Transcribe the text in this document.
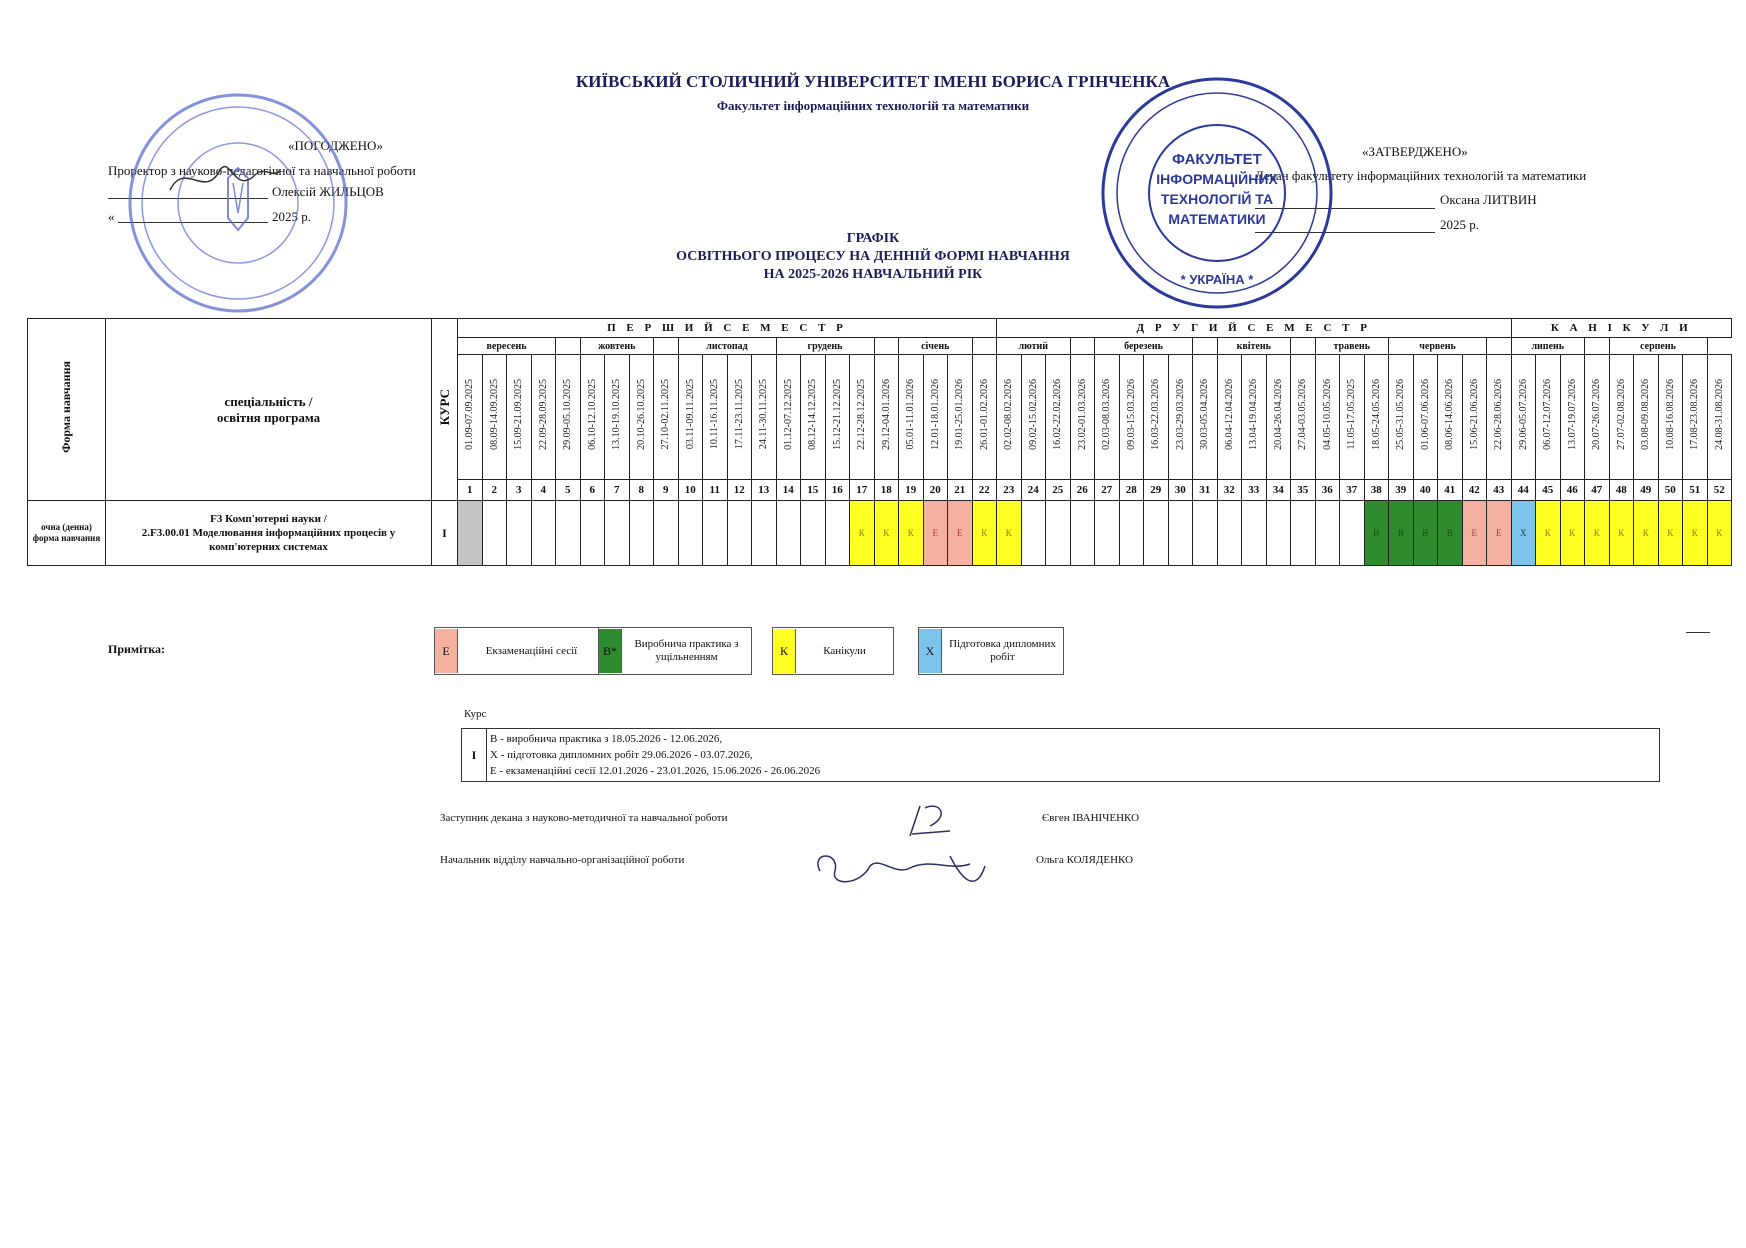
КИЇВСЬКИЙ СТОЛИЧНИЙ УНІВЕРСИТЕТ ІМЕНІ БОРИСА ГРІНЧЕНКА
Факультет інформаційних технологій та математики
«ПОГОДЖЕНО»
Проректор з науково-педагогічної та навчальної роботи
Олексій ЖИЛЬЦОВ
«	2025 р.
«ЗАТВЕРДЖЕНО»
Декан факультету інформаційних технологій та математики
Оксана ЛИТВИН
2025 р.
ФАКУЛЬТЕТ
ІНФОРМАЦІЙНИХ
ТЕХНОЛОГІЙ ТА
МАТЕМАТИКИ
* УКРАЇНА *
ГРАФІК
ОСВІТНЬОГО ПРОЦЕСУ НА ДЕННІЙ ФОРМІ НАВЧАННЯ
НА 2025-2026 НАВЧАЛЬНИЙ РІК
Форма навчання	спеціальність /
освітня програма	КУРС	П Е Р Ш И Й С Е М Е С Т Р																						Д Р У Г И Й С Е М Е С Т Р																					К А Н І К У Л И								
			вересень					жовтень				листопад				грудень					січень				лютий				березень					квітень				травень			червень					липень				серпень				
			01.09-07.09.2025	08.09-14.09.2025	15.09-21.09.2025	22.09-28.09.2025	29.09-05.10.2025	06.10-12.10.2025	13.10-19.10.2025	20.10-26.10.2025	27.10-02.11.2025	03.11-09.11.2025	10.11-16.11.2025	17.11-23.11.2025	24.11-30.11.2025	01.12-07.12.2025	08.12-14.12.2025	15.12-21.12.2025	22.12-28.12.2025	29.12-04.01.2026	05.01-11.01.2026	12.01-18.01.2026	19.01-25.01.2026	26.01-01.02.2026	02.02-08.02.2026	09.02-15.02.2026	16.02-22.02.2026	23.02-01.03.2026	02.03-08.03.2026	09.03-15.03.2026	16.03-22.03.2026	23.03-29.03.2026	30.03-05.04.2026	06.04-12.04.2026	13.04-19.04.2026	20.04-26.04.2026	27.04-03.05.2026	04.05-10.05.2026	11.05-17.05.2025	18.05-24.05.2026	25.05-31.05.2026	01.06-07.06.2026	08.06-14.06.2026	15.06-21.06.2026	22.06-28.06.2026	29.06-05.07.2026	06.07-12.07.2026	13.07-19.07.2026	20.07-26.07.2026	27.07-02.08.2026	03.08-09.08.2026	10.08-16.08.2026	17.08-23.08.2026	24.08-31.08.2026
			1	2	3	4	5	6	7	8	9	10	11	12	13	14	15	16	17	18	19	20	21	22	23	24	25	26	27	28	29	30	31	32	33	34	35	36	37	38	39	40	41	42	43	44	45	46	47	48	49	50	51	52

очна (денна) форма навчання	F3 Комп'ютерні науки /
2.F3.00.01 Моделювання інформаційних процесів у комп'ютерних системах	I																	К	К	К	Е	Е	К	К															В	В	В	В	Е	Е	Х	К	К	К	К	К	К	К	К
Примітка:	Е	Екзаменаційні сесії	В*	Виробнича практика з ущільненням	К	Канікули	Х	Підготовка дипломних робіт
Курс
I
В - виробнича практика з 18.05.2026 - 12.06.2026,
Х - підготовка дипломних робіт 29.06.2026 - 03.07.2026,
Е - екзаменаційні сесії 12.01.2026 - 23.01.2026, 15.06.2026 - 26.06.2026
Заступник декана з науково-методичної та навчальної роботи	Євген ІВАНІЧЕНКО
Начальник відділу навчально-організаційної роботи	Ольга КОЛЯДЕНКО
